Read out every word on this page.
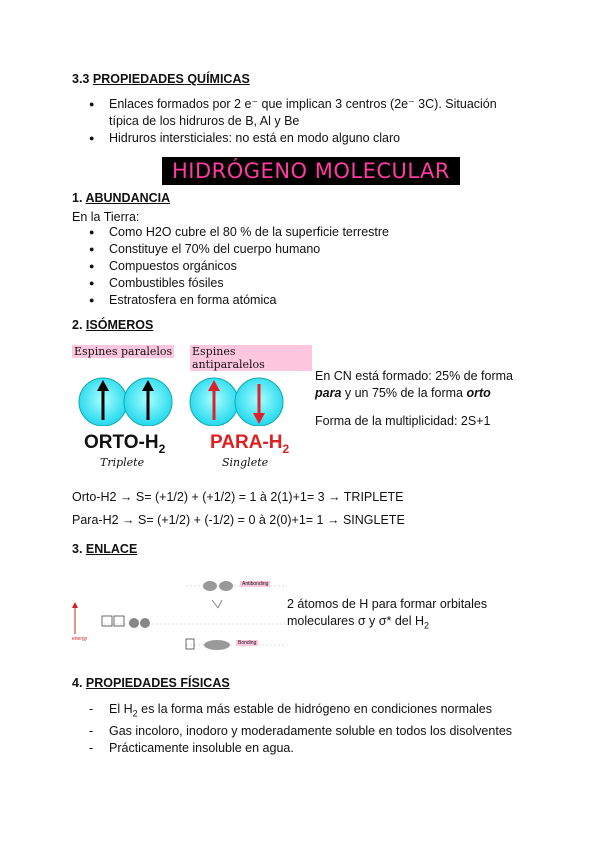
3.3 PROPIEDADES QUÍMICAS
● Enlaces formados por 2 e⁻ que implican 3 centros (2e⁻ 3C). Situación típica de los hidruros de B, Al y Be
● Hidruros intersticiales: no está en modo alguno claro
HIDRÓGENO MOLECULAR
1. ABUNDANCIA
En la Tierra:
● Como H2O cubre el 80 % de la superficie terrestre
● Constituye el 70% del cuerpo humano
● Compuestos orgánicos
● Combustibles fósiles
● Estratosfera en forma atómica
2. ISÓMEROS
Espines paralelos Espines antiparalelos
ORTO-$H_2$ PARA-$H_2$
Triplete	Singlete
En CN está formado: 25% de forma para y un 75% de la forma orto
Forma de la multiplicidad: 2S+1
Orto-H2 → S= (+1/2) + (+1/2) = 1 à 2(1)+1= 3 → TRIPLETE
Para-H2 → S= (+1/2) + (-1/2) = 0 à 2(0)+1= 1 → SINGLETE
3. ENLACE
energy
Antibonding
Bonding
2 átomos de H para formar orbitales moleculares σ y σ* del $H_2$
4. PROPIEDADES FÍSICAS
- El $H_2$ es la forma más estable de hidrógeno en condiciones normales
- Gas incoloro, inodoro y moderadamente soluble en todos los disolventes
- Prácticamente insoluble en agua.
